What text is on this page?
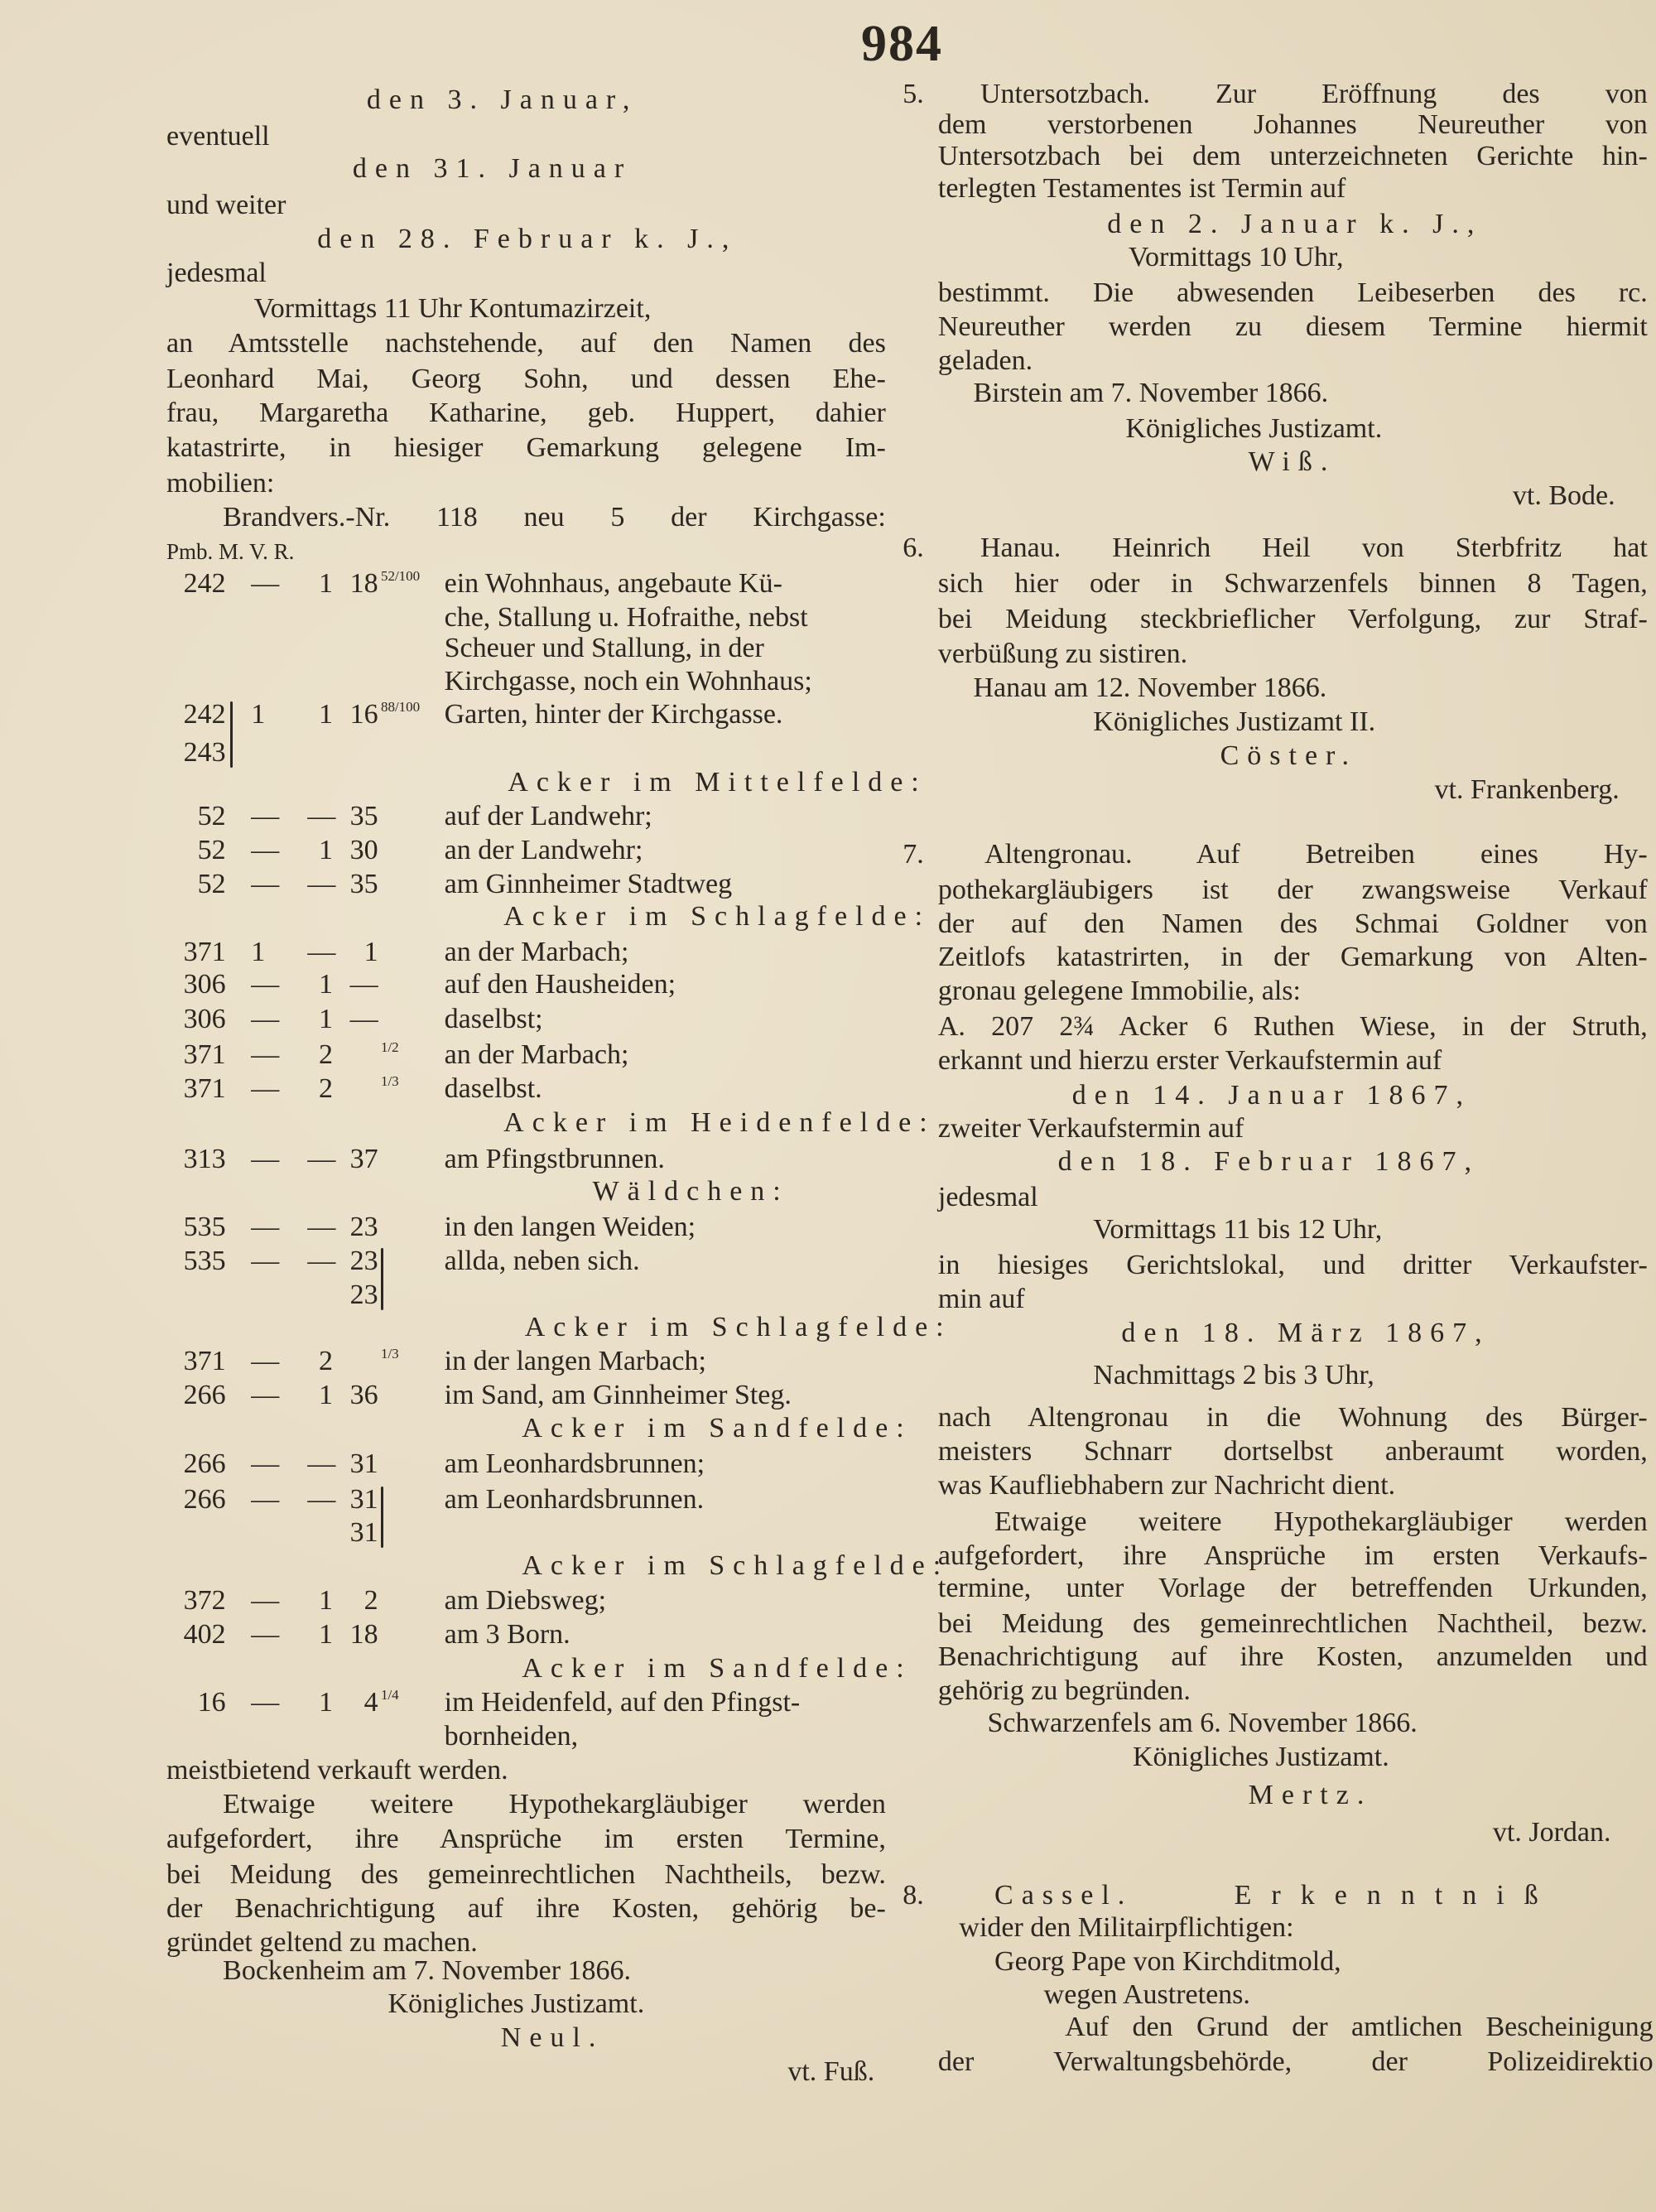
984
den 3. Januar,
eventuell
den 31. Januar
und weiter
den 28. Februar k. J.,
jedesmal
Vormittags 11 Uhr Kontumazirzeit,
an Amtsstelle nachstehende, auf den Namen des
Leonhard Mai, Georg Sohn, und dessen Ehe-
frau, Margaretha Katharine, geb. Huppert, dahier
katastrirte, in hiesiger Gemarkung gelegene Im-
mobilien:
Brandvers.-Nr. 118 neu 5 der Kirchgasse:
Pmb. M. V. R.
meistbietend verkauft werden.
Etwaige weitere Hypothekargläubiger werden
aufgefordert, ihre Ansprüche im ersten Termine,
bei Meidung des gemeinrechtlichen Nachtheils, bezw.
der Benachrichtigung auf ihre Kosten, gehörig be-
gründet geltend zu machen.
Bockenheim am 7. November 1866.
Königliches Justizamt.
Neul.
vt. Fuß.
242 — 1 18 52/100 ein Wohnhaus, angebaute Kü-
che, Stallung u. Hofraithe, nebst
Scheuer und Stallung, in der
Kirchgasse, noch ein Wohnhaus;
242 1 1 16 88/100 Garten, hinter der Kirchgasse.
243
Acker im Mittelfelde:
52 — — 35 auf der Landwehr;
52 — 1 30 an der Landwehr;
52 — — 35 am Ginnheimer Stadtweg
Acker im Schlagfelde:
371 1 — 1 an der Marbach;
306 — 1 — auf den Hausheiden;
306 — 1 — daselbst;
371 — 2	1/2 an der Marbach;
371 — 2	1/3 daselbst.
Acker im Heidenfelde:
313 — — 37 am Pfingstbrunnen.
Wäldchen:
535 — — 23 in den langen Weiden;
535 — — 23 allda, neben sich.
23
Acker im Schlagfelde:
371 — 2	1/3 in der langen Marbach;
266 — 1 36 im Sand, am Ginnheimer Steg.
Acker im Sandfelde:
266 — — 31 am Leonhardsbrunnen;
266 — — 31 am Leonhardsbrunnen.
31
Acker im Schlagfelde:
372 — 1 2 am Diebsweg;
402 — 1 18 am 3 Born.
Acker im Sandfelde:
16 — 1 4 1/4 im Heidenfeld, auf den Pfingst-
bornheiden,
5. Untersotzbach. Zur Eröffnung des von
dem verstorbenen Johannes Neureuther von
Untersotzbach bei dem unterzeichneten Gerichte hin-
terlegten Testamentes ist Termin auf
den 2. Januar k. J.,
Vormittags 10 Uhr,
bestimmt. Die abwesenden Leibeserben des rc.
Neureuther werden zu diesem Termine hiermit
geladen.
Birstein am 7. November 1866.
Königliches Justizamt.
Wiß.
vt. Bode.
6. Hanau. Heinrich Heil von Sterbfritz hat
sich hier oder in Schwarzenfels binnen 8 Tagen,
bei Meidung steckbrieflicher Verfolgung, zur Straf-
verbüßung zu sistiren.
Hanau am 12. November 1866.
Königliches Justizamt II.
Cöster.
vt. Frankenberg.
7. Altengronau. Auf Betreiben eines Hy-
pothekargläubigers ist der zwangsweise Verkauf
der auf den Namen des Schmai Goldner von
Zeitlofs katastrirten, in der Gemarkung von Alten-
gronau gelegene Immobilie, als:
A. 207 2¾ Acker 6 Ruthen Wiese, in der Struth,
erkannt und hierzu erster Verkaufstermin auf
den 14. Januar 1867,
zweiter Verkaufstermin auf
den 18. Februar 1867,
jedesmal
Vormittags 11 bis 12 Uhr,
in hiesiges Gerichtslokal, und dritter Verkaufster-
min auf
den 18. März 1867,
Nachmittags 2 bis 3 Uhr,
nach Altengronau in die Wohnung des Bürger-
meisters Schnarr dortselbst anberaumt worden,
was Kaufliebhabern zur Nachricht dient.
Etwaige weitere Hypothekargläubiger werden
aufgefordert, ihre Ansprüche im ersten Verkaufs-
termine, unter Vorlage der betreffenden Urkunden,
bei Meidung des gemeinrechtlichen Nachtheil, bezw.
Benachrichtigung auf ihre Kosten, anzumelden und
gehörig zu begründen.
Schwarzenfels am 6. November 1866.
Königliches Justizamt.
Mertz.
vt. Jordan.
8.	Cassel.	Erkenntniß
wider den Militairpflichtigen:
Georg Pape von Kirchditmold,
wegen Austretens.
Auf den Grund der amtlichen Bescheinigung
der Verwaltungsbehörde, der Polizeidirektio
